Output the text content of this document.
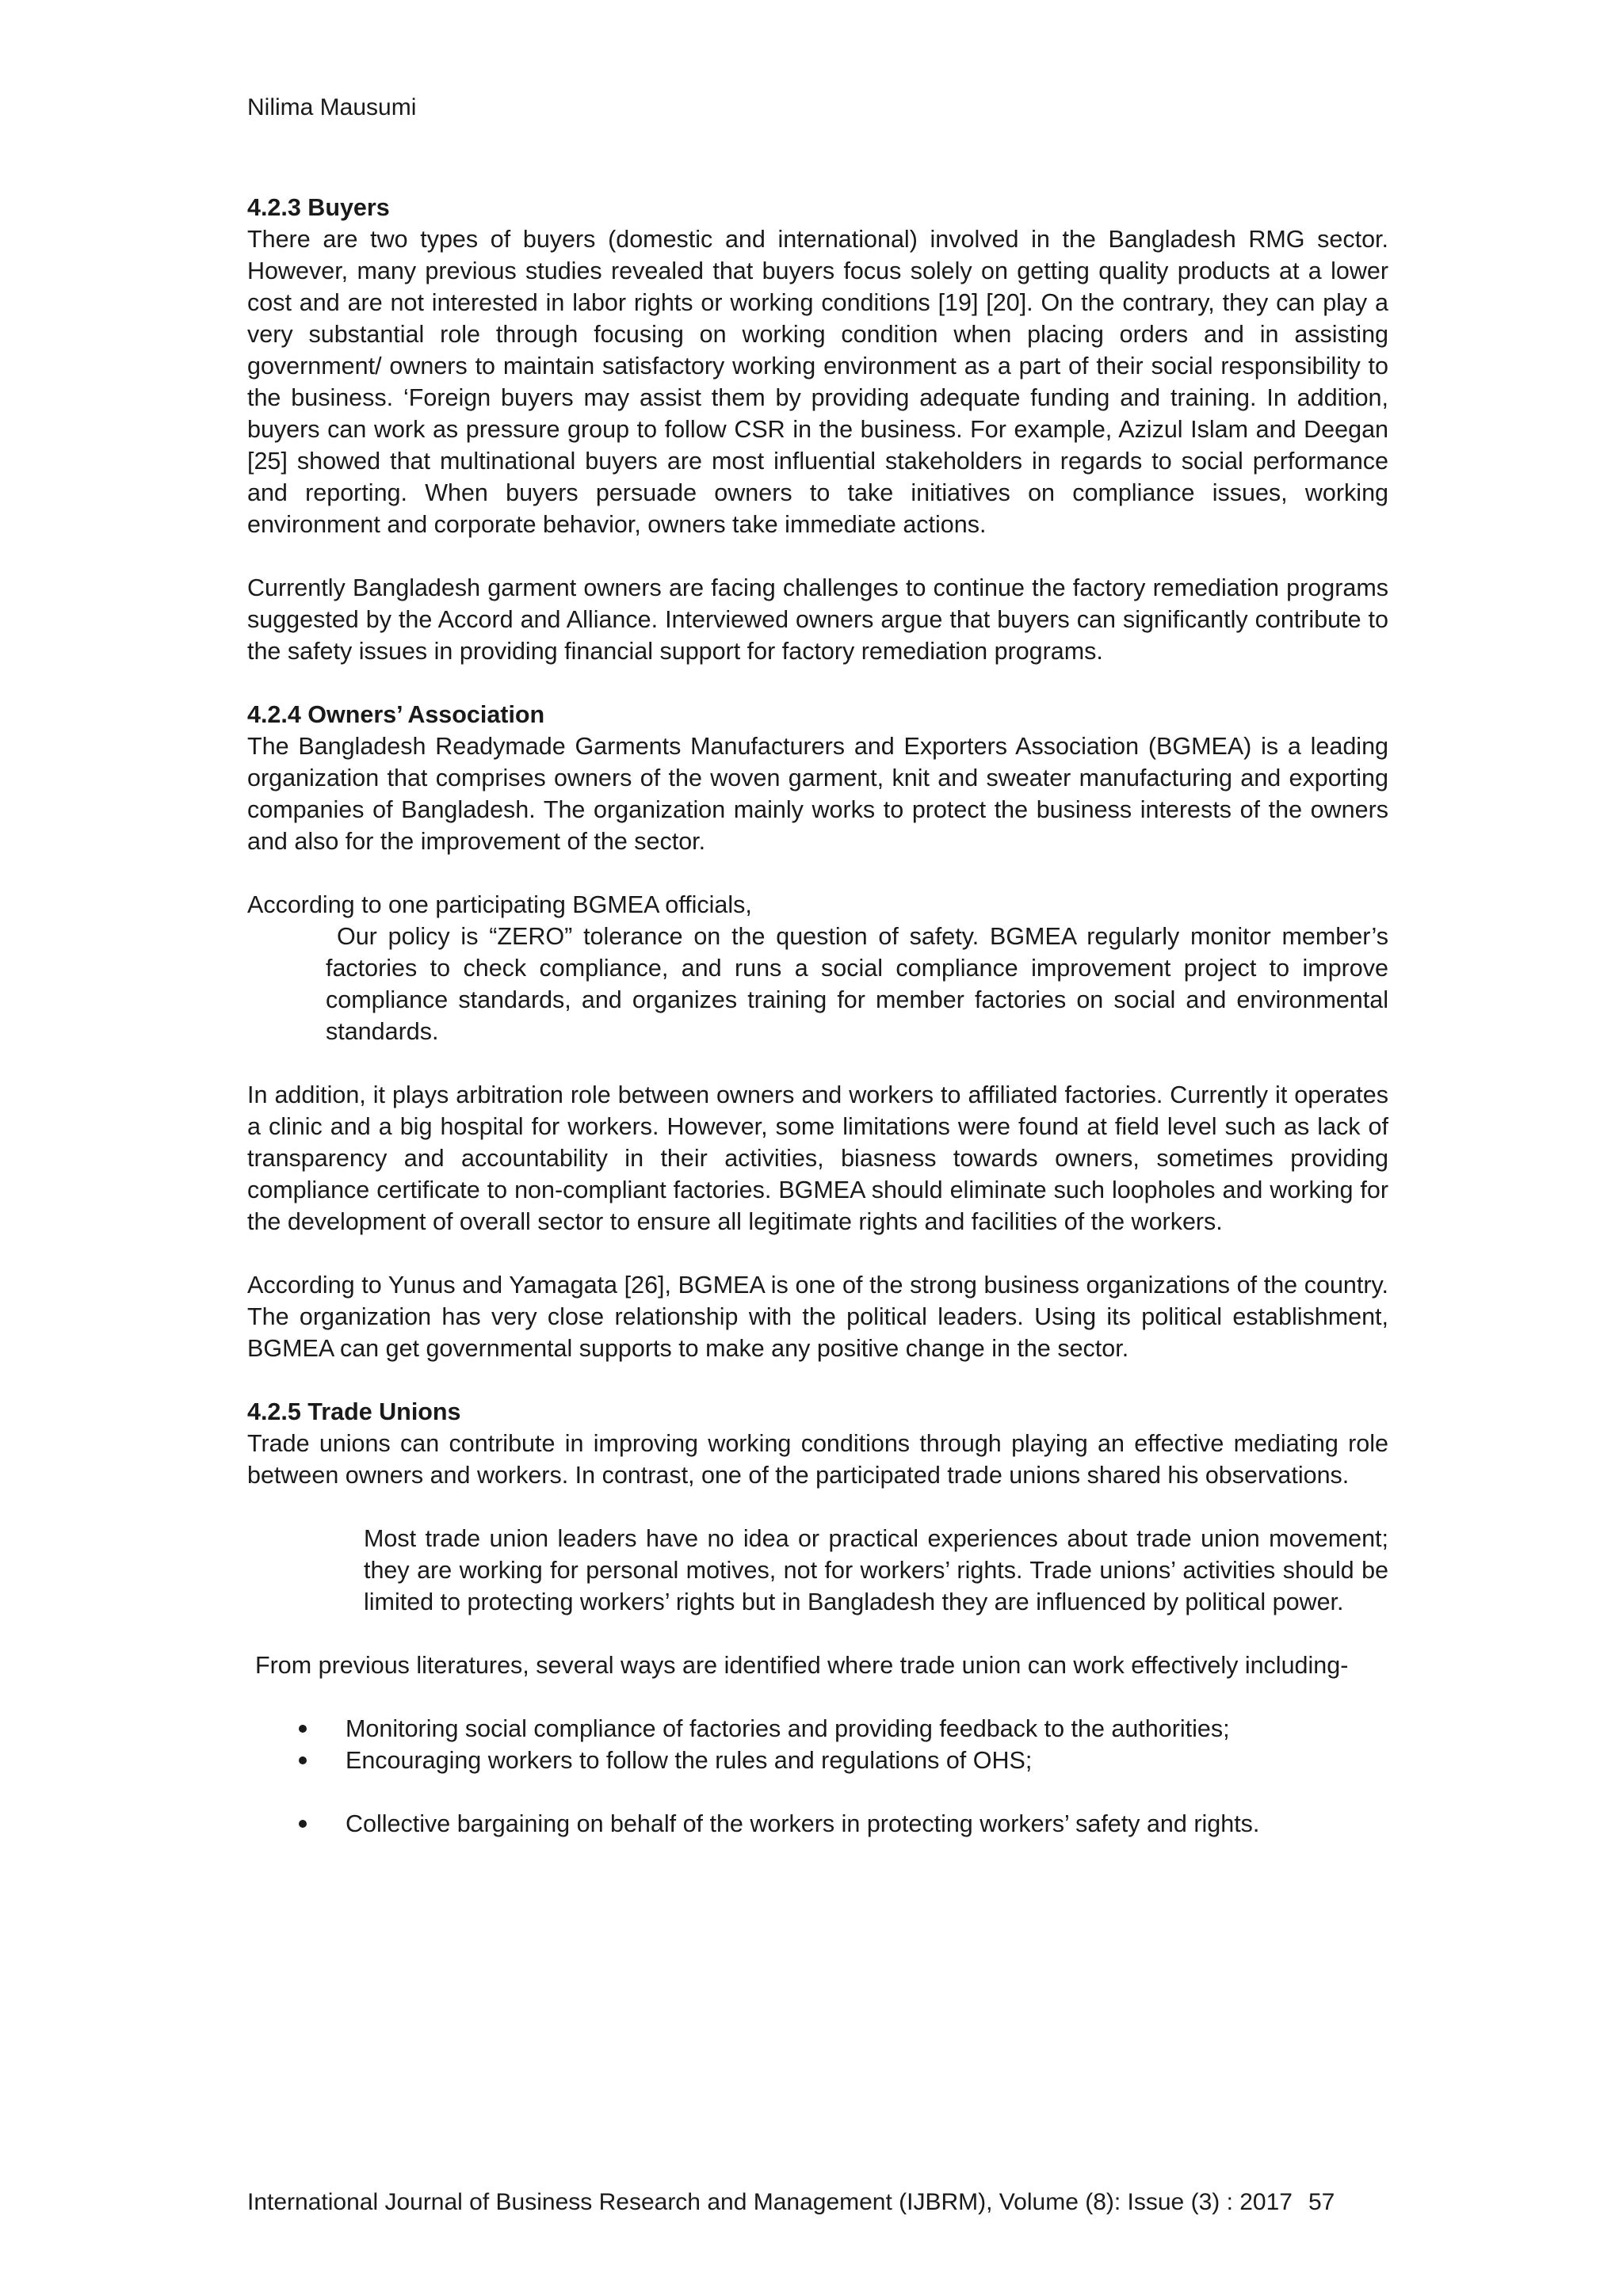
Nilima Mausumi
4.2.3 Buyers

There are two types of buyers (domestic and international) involved in the Bangladesh RMG sector. However, many previous studies revealed that buyers focus solely on getting quality products at a lower cost and are not interested in labor rights or working conditions [19] [20]. On the contrary, they can play a very substantial role through focusing on working condition when placing orders and in assisting government/ owners to maintain satisfactory working environment as a part of their social responsibility to the business. ‘Foreign buyers may assist them by providing adequate funding and training. In addition, buyers can work as pressure group to follow CSR in the business. For example, Azizul Islam and Deegan [25] showed that multinational buyers are most influential stakeholders in regards to social performance and reporting. When buyers persuade owners to take initiatives on compliance issues, working environment and corporate behavior, owners take immediate actions.

Currently Bangladesh garment owners are facing challenges to continue the factory remediation programs suggested by the Accord and Alliance. Interviewed owners argue that buyers can significantly contribute to the safety issues in providing financial support for factory remediation programs.

4.2.4 Owners’ Association

The Bangladesh Readymade Garments Manufacturers and Exporters Association (BGMEA) is a leading organization that comprises owners of the woven garment, knit and sweater manufacturing and exporting companies of Bangladesh. The organization mainly works to protect the business interests of the owners and also for the improvement of the sector.

According to one participating BGMEA officials,

Our policy is “ZERO” tolerance on the question of safety. BGMEA regularly monitor member’s factories to check compliance, and runs a social compliance improvement project to improve compliance standards, and organizes training for member factories on social and environmental standards.

In addition, it plays arbitration role between owners and workers to affiliated factories. Currently it operates a clinic and a big hospital for workers. However, some limitations were found at field level such as lack of transparency and accountability in their activities, biasness towards owners, sometimes providing compliance certificate to non-compliant factories. BGMEA should eliminate such loopholes and working for the development of overall sector to ensure all legitimate rights and facilities of the workers.

According to Yunus and Yamagata [26], BGMEA is one of the strong business organizations of the country. The organization has very close relationship with the political leaders. Using its political establishment, BGMEA can get governmental supports to make any positive change in the sector.

4.2.5 Trade Unions

Trade unions can contribute in improving working conditions through playing an effective mediating role between owners and workers. In contrast, one of the participated trade unions shared his observations.

Most trade union leaders have no idea or practical experiences about trade union movement; they are working for personal motives, not for workers’ rights. Trade unions’ activities should be limited to protecting workers’ rights but in Bangladesh they are influenced by political power.

From previous literatures, several ways are identified where trade union can work effectively including-

Monitoring social compliance of factories and providing feedback to the authorities;
Encouraging workers to follow the rules and regulations of OHS;
Collective bargaining on behalf of the workers in protecting workers’ safety and rights.
International Journal of Business Research and Management (IJBRM), Volume (8): Issue (3) : 2017 57
